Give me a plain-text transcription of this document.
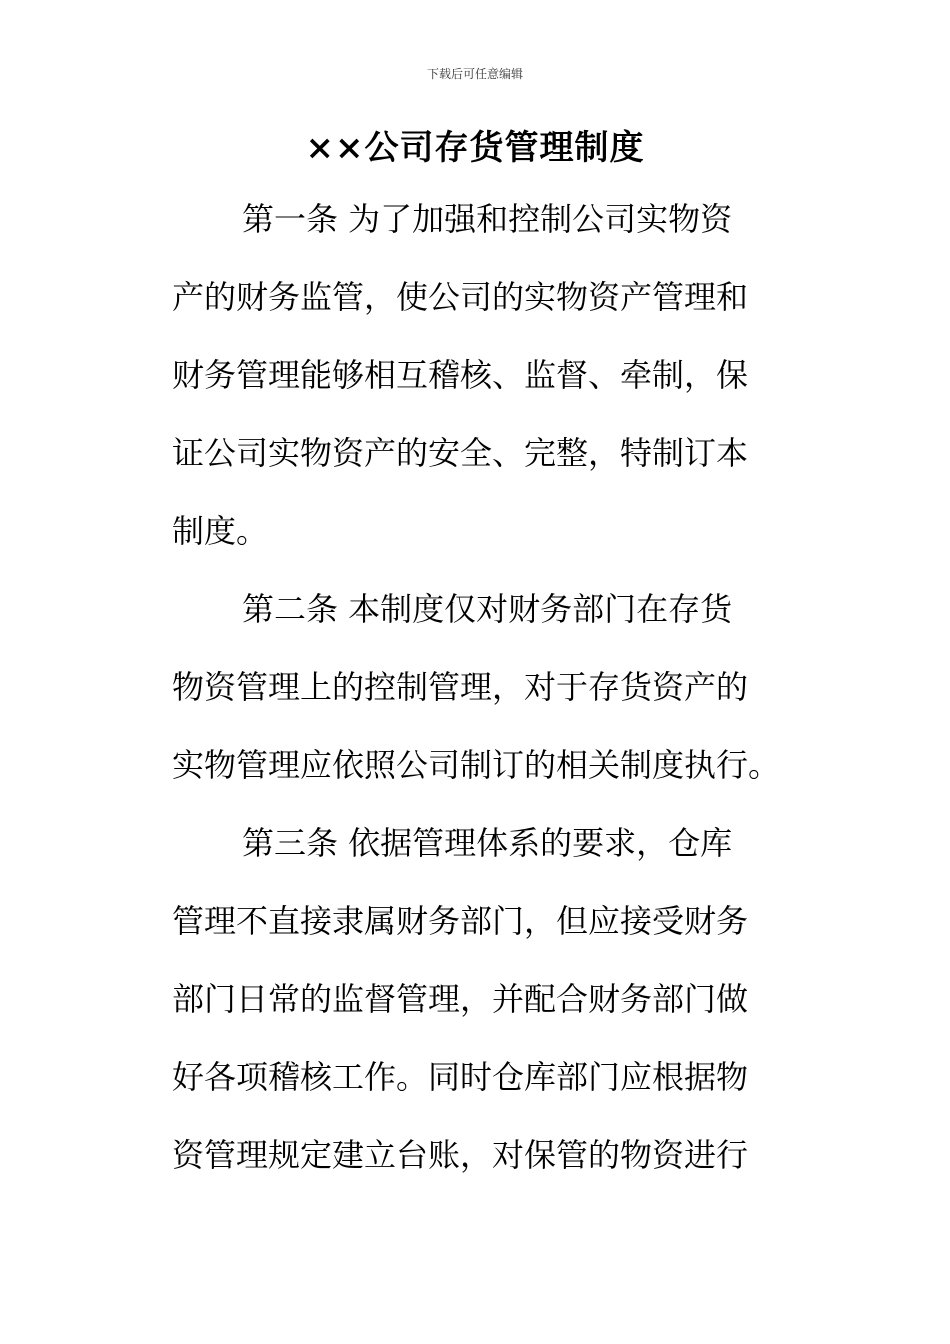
下载后可任意编辑
××公司存货管理制度

第一条 为了加强和控制公司实物资
产的财务监管，使公司的实物资产管理和
财务管理能够相互稽核、监督、牵制，保
证公司实物资产的安全、完整，特制订本
制度。

第二条 本制度仅对财务部门在存货
物资管理上的控制管理，对于存货资产的
实物管理应依照公司制订的相关制度执行。

第三条 依据管理体系的要求，仓库
管理不直接隶属财务部门，但应接受财务
部门日常的监督管理，并配合财务部门做
好各项稽核工作。同时仓库部门应根据物
资管理规定建立台账，对保管的物资进行
